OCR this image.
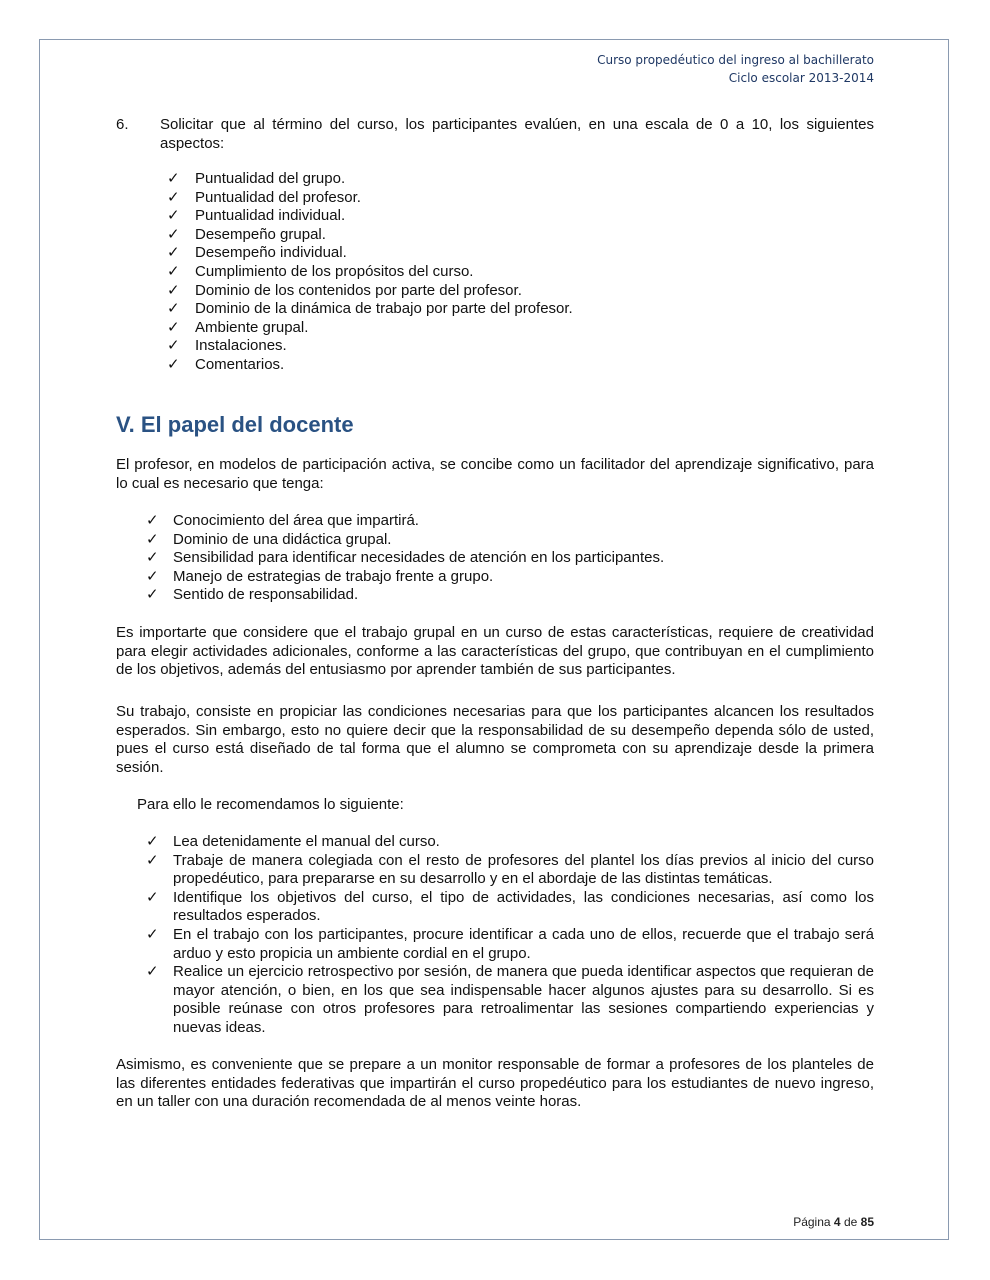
Curso propedéutico del ingreso al bachillerato
Ciclo escolar 2013-2014
6. Solicitar que al término del curso, los participantes evalúen, en una escala de 0 a 10, los siguientes aspectos:
✓ Puntualidad del grupo.
✓ Puntualidad del profesor.
✓ Puntualidad individual.
✓ Desempeño grupal.
✓ Desempeño individual.
✓ Cumplimiento de los propósitos del curso.
✓ Dominio de los contenidos por parte del profesor.
✓ Dominio de la dinámica de trabajo por parte del profesor.
✓ Ambiente grupal.
✓ Instalaciones.
✓ Comentarios.
V. El papel del docente

El profesor, en modelos de participación activa, se concibe como un facilitador del aprendizaje significativo, para lo cual es necesario que tenga:

✓ Conocimiento del área que impartirá.
✓ Dominio de una didáctica grupal.
✓ Sensibilidad para identificar necesidades de atención en los participantes.
✓ Manejo de estrategias de trabajo frente a grupo.
✓ Sentido de responsabilidad.

Es importarte que considere que el trabajo grupal en un curso de estas características, requiere de creatividad para elegir actividades adicionales, conforme a las características del grupo, que contribuyan en el cumplimiento de los objetivos, además del entusiasmo por aprender también de sus participantes.

Su trabajo, consiste en propiciar las condiciones necesarias para que los participantes alcancen los resultados esperados. Sin embargo, esto no quiere decir que la responsabilidad de su desempeño dependa sólo de usted, pues el curso está diseñado de tal forma que el alumno se comprometa con su aprendizaje desde la primera sesión.

Para ello le recomendamos lo siguiente:

✓ Lea detenidamente el manual del curso.
✓ Trabaje de manera colegiada con el resto de profesores del plantel los días previos al inicio del curso propedéutico, para prepararse en su desarrollo y en el abordaje de las distintas temáticas.
✓ Identifique los objetivos del curso, el tipo de actividades, las condiciones necesarias, así como los resultados esperados.
✓ En el trabajo con los participantes, procure identificar a cada uno de ellos, recuerde que el trabajo será arduo y esto propicia un ambiente cordial en el grupo.
✓ Realice un ejercicio retrospectivo por sesión, de manera que pueda identificar aspectos que requieran de mayor atención, o bien, en los que sea indispensable hacer algunos ajustes para su desarrollo. Si es posible reúnase con otros profesores para retroalimentar las sesiones compartiendo experiencias y nuevas ideas.

Asimismo, es conveniente que se prepare a un monitor responsable de formar a profesores de los planteles de las diferentes entidades federativas que impartirán el curso propedéutico para los estudiantes de nuevo ingreso, en un taller con una duración recomendada de al menos veinte horas.

Página 4 de 85
